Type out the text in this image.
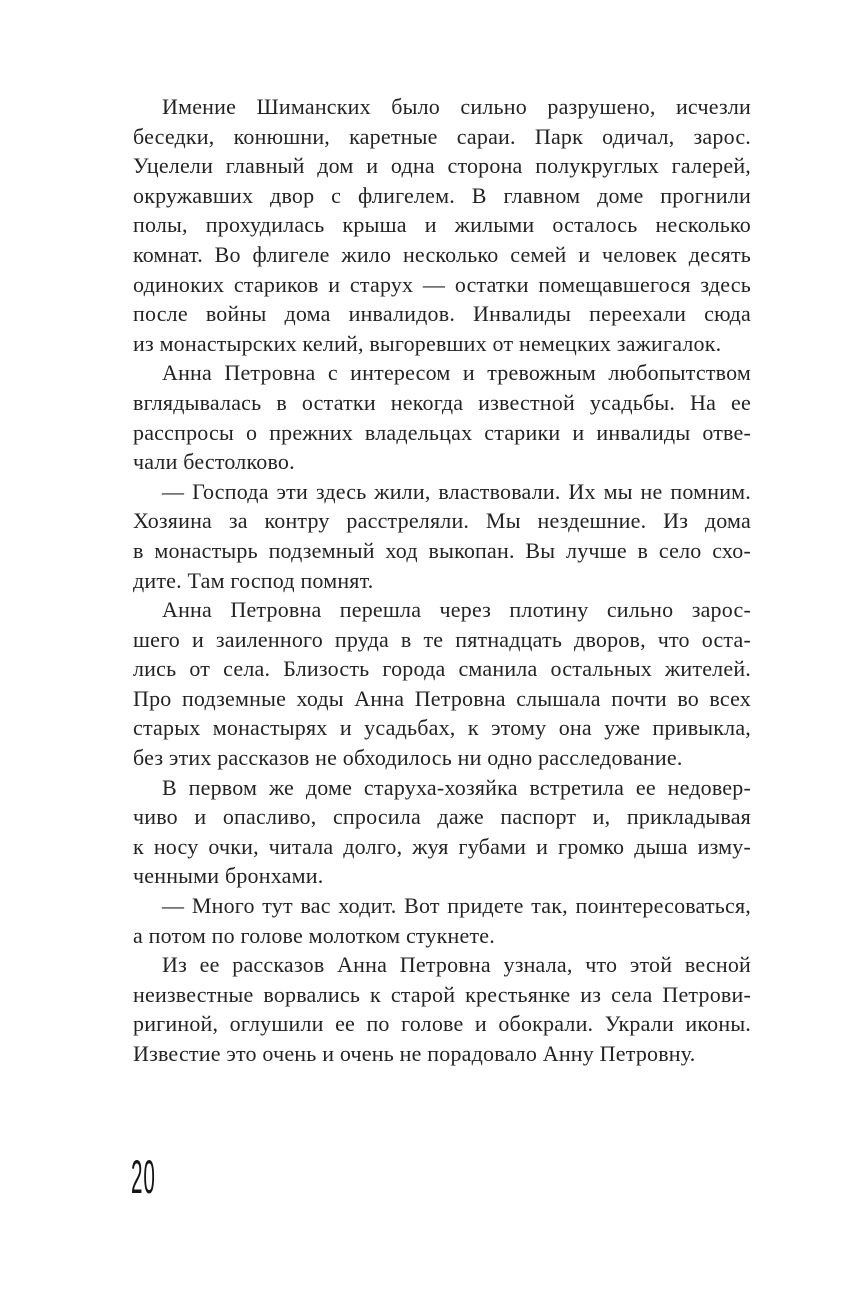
Имение Шиманских было сильно разрушено, исчезли
беседки, конюшни, каретные сараи. Парк одичал, зарос.
Уцелели главный дом и одна сторона полукруглых галерей,
окружавших двор с флигелем. В главном доме прогнили
полы, прохудилась крыша и жилыми осталось несколько
комнат. Во флигеле жило несколько семей и человек десять
одиноких стариков и старух — остатки помещавшегося здесь
после войны дома инвалидов. Инвалиды переехали сюда
из монастырских келий, выгоревших от немецких зажигалок.
Анна Петровна с интересом и тревожным любопытством
вглядывалась в остатки некогда известной усадьбы. На ее
расспросы о прежних владельцах старики и инвалиды отве-
чали бестолково.
— Господа эти здесь жили, властвовали. Их мы не помним.
Хозяина за контру расстреляли. Мы нездешние. Из дома
в монастырь подземный ход выкопан. Вы лучше в село схо-
дите. Там господ помнят.
Анна Петровна перешла через плотину сильно зарос-
шего и заиленного пруда в те пятнадцать дворов, что оста-
лись от села. Близость города сманила остальных жителей.
Про подземные ходы Анна Петровна слышала почти во всех
старых монастырях и усадьбах, к этому она уже привыкла,
без этих рассказов не обходилось ни одно расследование.
В первом же доме старуха-хозяйка встретила ее недовер-
чиво и опасливо, спросила даже паспорт и, прикладывая
к носу очки, читала долго, жуя губами и громко дыша изму-
ченными бронхами.
— Много тут вас ходит. Вот придете так, поинтересоваться,
а потом по голове молотком стукнете.
Из ее рассказов Анна Петровна узнала, что этой весной
неизвестные ворвались к старой крестьянке из села Петрови-
ригиной, оглушили ее по голове и обокрали. Украли иконы.
Известие это очень и очень не порадовало Анну Петровну.
20
